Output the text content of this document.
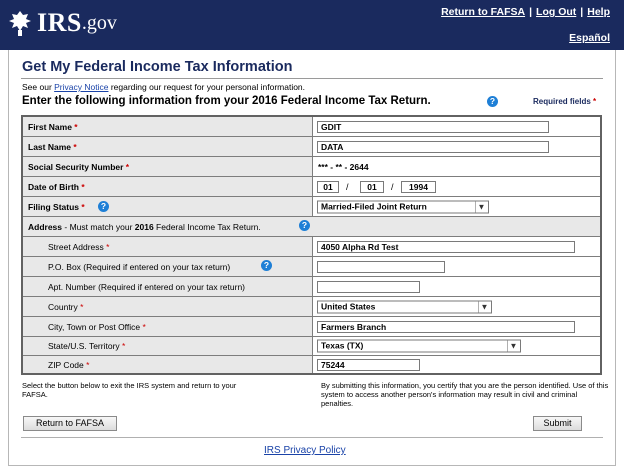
IRS .gov	Return to FAFSA | Log Out | Help
Español
Get My Federal Income Tax Information
See our Privacy Notice regarding our request for your personal information.
Enter the following information from your 2016 Federal Income Tax Return.	?	Required fields *
First Name *	GDIT
Last Name *	DATA
Social Security Number *	*** - ** - 2644
Date of Birth *	01	/	01	/	1994
Filing Status *	?	Married-Filed Joint Return	▼
Address - Must match your 2016 Federal Income Tax Return.	?
Street Address *	4050 Alpha Rd Test
P.O. Box (Required if entered on your tax return)	?
Apt. Number (Required if entered on your tax return)
Country *	United States	▼
City, Town or Post Office *	Farmers Branch
State/U.S. Territory *	Texas (TX)	▼
ZIP Code *	75244
Select the button below to exit the IRS system and return to your FAFSA.
By submitting this information, you certify that you are the person identified. Use of this system to access another person's information may result in civil and criminal penalties.
Return to FAFSA	Submit
IRS Privacy Policy
